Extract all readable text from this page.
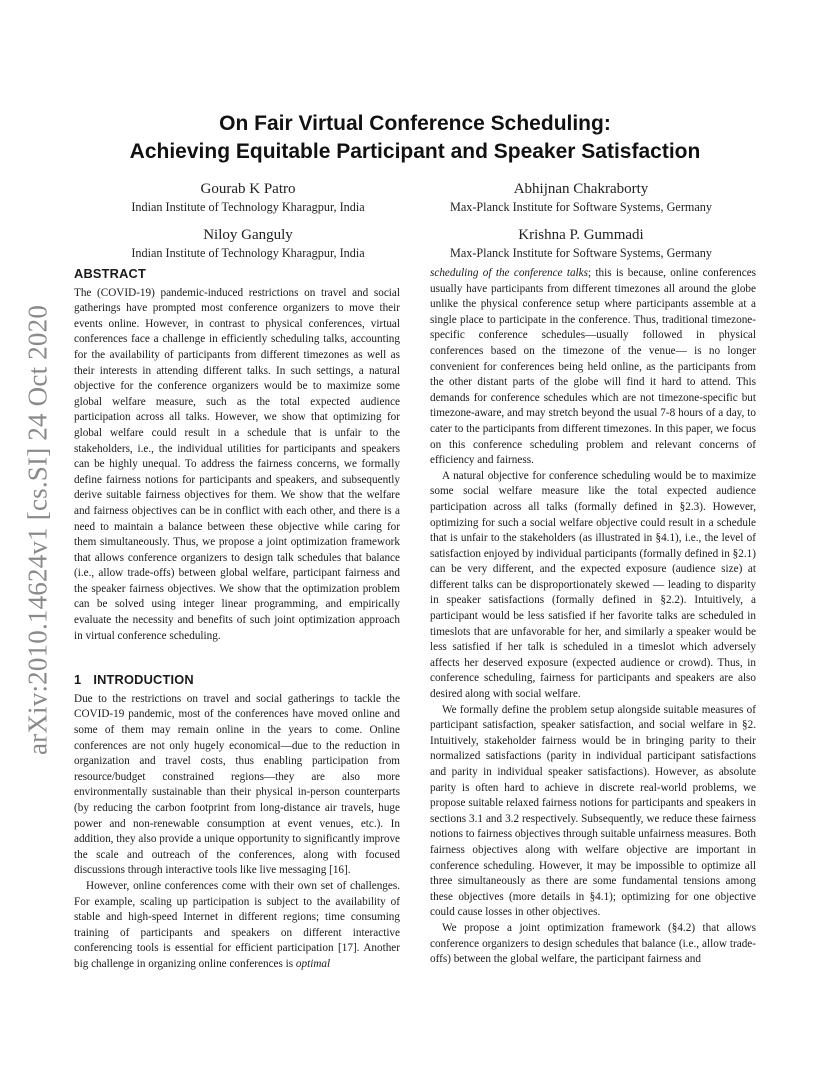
arXiv:2010.14624v1 [cs.SI] 24 Oct 2020
On Fair Virtual Conference Scheduling:
Achieving Equitable Participant and Speaker Satisfaction
Gourab K Patro
Indian Institute of Technology Kharagpur, India
Abhijnan Chakraborty
Max-Planck Institute for Software Systems, Germany
Niloy Ganguly
Indian Institute of Technology Kharagpur, India
Krishna P. Gummadi
Max-Planck Institute for Software Systems, Germany
ABSTRACT

The (COVID-19) pandemic-induced restrictions on travel and social gatherings have prompted most conference organizers to move their events online. However, in contrast to physical conferences, virtual conferences face a challenge in efficiently scheduling talks, accounting for the availability of participants from different timezones as well as their interests in attending different talks. In such settings, a natural objective for the conference organizers would be to maximize some global welfare measure, such as the total expected audience participation across all talks. However, we show that optimizing for global welfare could result in a schedule that is unfair to the stakeholders, i.e., the individual utilities for participants and speakers can be highly unequal. To address the fairness concerns, we formally define fairness notions for participants and speakers, and subsequently derive suitable fairness objectives for them. We show that the welfare and fairness objectives can be in conflict with each other, and there is a need to maintain a balance between these objective while caring for them simultaneously. Thus, we propose a joint optimization framework that allows conference organizers to design talk schedules that balance (i.e., allow trade-offs) between global welfare, participant fairness and the speaker fairness objectives. We show that the optimization problem can be solved using integer linear programming, and empirically evaluate the necessity and benefits of such joint optimization approach in virtual conference scheduling.

1 INTRODUCTION

Due to the restrictions on travel and social gatherings to tackle the COVID-19 pandemic, most of the conferences have moved online and some of them may remain online in the years to come. Online conferences are not only hugely economical—due to the reduction in organization and travel costs, thus enabling participation from resource/budget constrained regions—they are also more environmentally sustainable than their physical in-person counterparts (by reducing the carbon footprint from long-distance air travels, huge power and non-renewable consumption at event venues, etc.). In addition, they also provide a unique opportunity to significantly improve the scale and outreach of the conferences, along with focused discussions through interactive tools like live messaging [16].

However, online conferences come with their own set of challenges. For example, scaling up participation is subject to the availability of stable and high-speed Internet in different regions; time consuming training of participants and speakers on different interactive conferencing tools is essential for efficient participation [17]. Another big challenge in organizing online conferences is optimal

scheduling of the conference talks; this is because, online conferences usually have participants from different timezones all around the globe unlike the physical conference setup where participants assemble at a single place to participate in the conference. Thus, traditional timezone-specific conference schedules—usually followed in physical conferences based on the timezone of the venue— is no longer convenient for conferences being held online, as the participants from the other distant parts of the globe will find it hard to attend. This demands for conference schedules which are not timezone-specific but timezone-aware, and may stretch beyond the usual 7-8 hours of a day, to cater to the participants from different timezones. In this paper, we focus on this conference scheduling problem and relevant concerns of efficiency and fairness.

A natural objective for conference scheduling would be to maximize some social welfare measure like the total expected audience participation across all talks (formally defined in §2.3). However, optimizing for such a social welfare objective could result in a schedule that is unfair to the stakeholders (as illustrated in §4.1), i.e., the level of satisfaction enjoyed by individual participants (formally defined in §2.1) can be very different, and the expected exposure (audience size) at different talks can be disproportionately skewed — leading to disparity in speaker satisfactions (formally defined in §2.2). Intuitively, a participant would be less satisfied if her favorite talks are scheduled in timeslots that are unfavorable for her, and similarly a speaker would be less satisfied if her talk is scheduled in a timeslot which adversely affects her deserved exposure (expected audience or crowd). Thus, in conference scheduling, fairness for participants and speakers are also desired along with social welfare.

We formally define the problem setup alongside suitable measures of participant satisfaction, speaker satisfaction, and social welfare in §2. Intuitively, stakeholder fairness would be in bringing parity to their normalized satisfactions (parity in individual participant satisfactions and parity in individual speaker satisfactions). However, as absolute parity is often hard to achieve in discrete real-world problems, we propose suitable relaxed fairness notions for participants and speakers in sections 3.1 and 3.2 respectively. Subsequently, we reduce these fairness notions to fairness objectives through suitable unfairness measures. Both fairness objectives along with welfare objective are important in conference scheduling. However, it may be impossible to optimize all three simultaneously as there are some fundamental tensions among these objectives (more details in §4.1); optimizing for one objective could cause losses in other objectives.

We propose a joint optimization framework (§4.2) that allows conference organizers to design schedules that balance (i.e., allow trade-offs) between the global welfare, the participant fairness and
